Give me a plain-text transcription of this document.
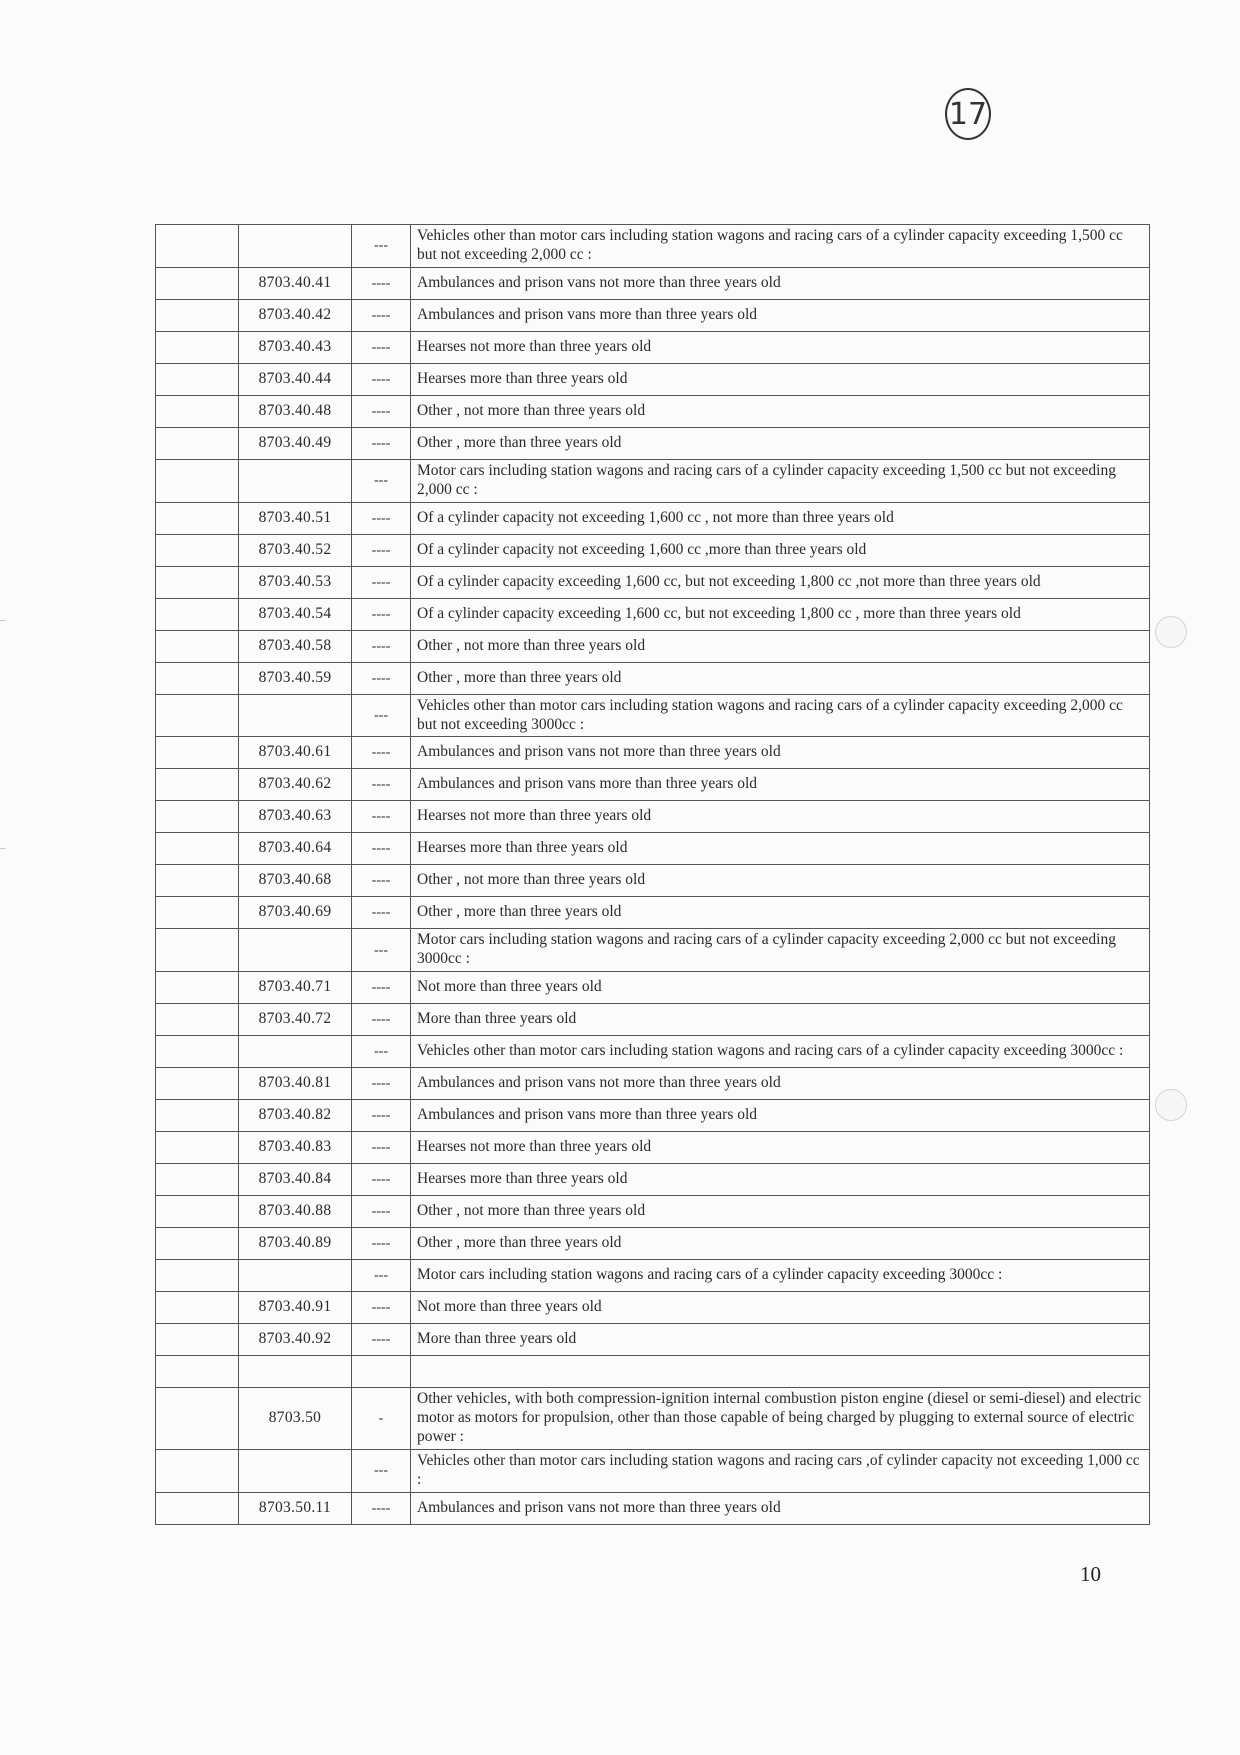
17
		---	Vehicles other than motor cars including station wagons and racing cars of a cylinder capacity exceeding 1,500 cc but not exceeding 2,000 cc :
	8703.40.41	----	Ambulances and prison vans not more than three years old
	8703.40.42	----	Ambulances and prison vans more than three years old
	8703.40.43	----	Hearses not more than three years old
	8703.40.44	----	Hearses more than three years old
	8703.40.48	----	Other , not more than three years old
	8703.40.49	----	Other , more than three years old
		---	Motor cars including station wagons and racing cars of a cylinder capacity exceeding 1,500 cc but not exceeding 2,000 cc :
	8703.40.51	----	Of a cylinder capacity not exceeding 1,600 cc , not more than three years old
	8703.40.52	----	Of a cylinder capacity not exceeding 1,600 cc ,more than three years old
	8703.40.53	----	Of a cylinder capacity exceeding 1,600 cc, but not exceeding 1,800 cc ,not more than three years old
	8703.40.54	----	Of a cylinder capacity exceeding 1,600 cc, but not exceeding 1,800 cc , more than three years old
	8703.40.58	----	Other , not more than three years old
	8703.40.59	----	Other , more than three years old
		---	Vehicles other than motor cars including station wagons and racing cars of a cylinder capacity exceeding 2,000 cc but not exceeding 3000cc :
	8703.40.61	----	Ambulances and prison vans not more than three years old
	8703.40.62	----	Ambulances and prison vans more than three years old
	8703.40.63	----	Hearses not more than three years old
	8703.40.64	----	Hearses more than three years old
	8703.40.68	----	Other , not more than three years old
	8703.40.69	----	Other , more than three years old
		---	Motor cars including station wagons and racing cars of a cylinder capacity exceeding 2,000 cc but not exceeding 3000cc :
	8703.40.71	----	Not more than three years old
	8703.40.72	----	More than three years old
		---	Vehicles other than motor cars including station wagons and racing cars of a cylinder capacity exceeding 3000cc :
	8703.40.81	----	Ambulances and prison vans not more than three years old
	8703.40.82	----	Ambulances and prison vans more than three years old
	8703.40.83	----	Hearses not more than three years old
	8703.40.84	----	Hearses more than three years old
	8703.40.88	----	Other , not more than three years old
	8703.40.89	----	Other , more than three years old
		---	Motor cars including station wagons and racing cars of a cylinder capacity exceeding 3000cc :
	8703.40.91	----	Not more than three years old
	8703.40.92	----	More than three years old

	8703.50	-	Other vehicles, with both compression-ignition internal combustion piston engine (diesel or semi-diesel) and electric motor as motors for propulsion, other than those capable of being charged by plugging to external source of electric power :
		---	Vehicles other than motor cars including station wagons and racing cars ,of cylinder capacity not exceeding 1,000 cc :
	8703.50.11	----	Ambulances and prison vans not more than three years old
10
